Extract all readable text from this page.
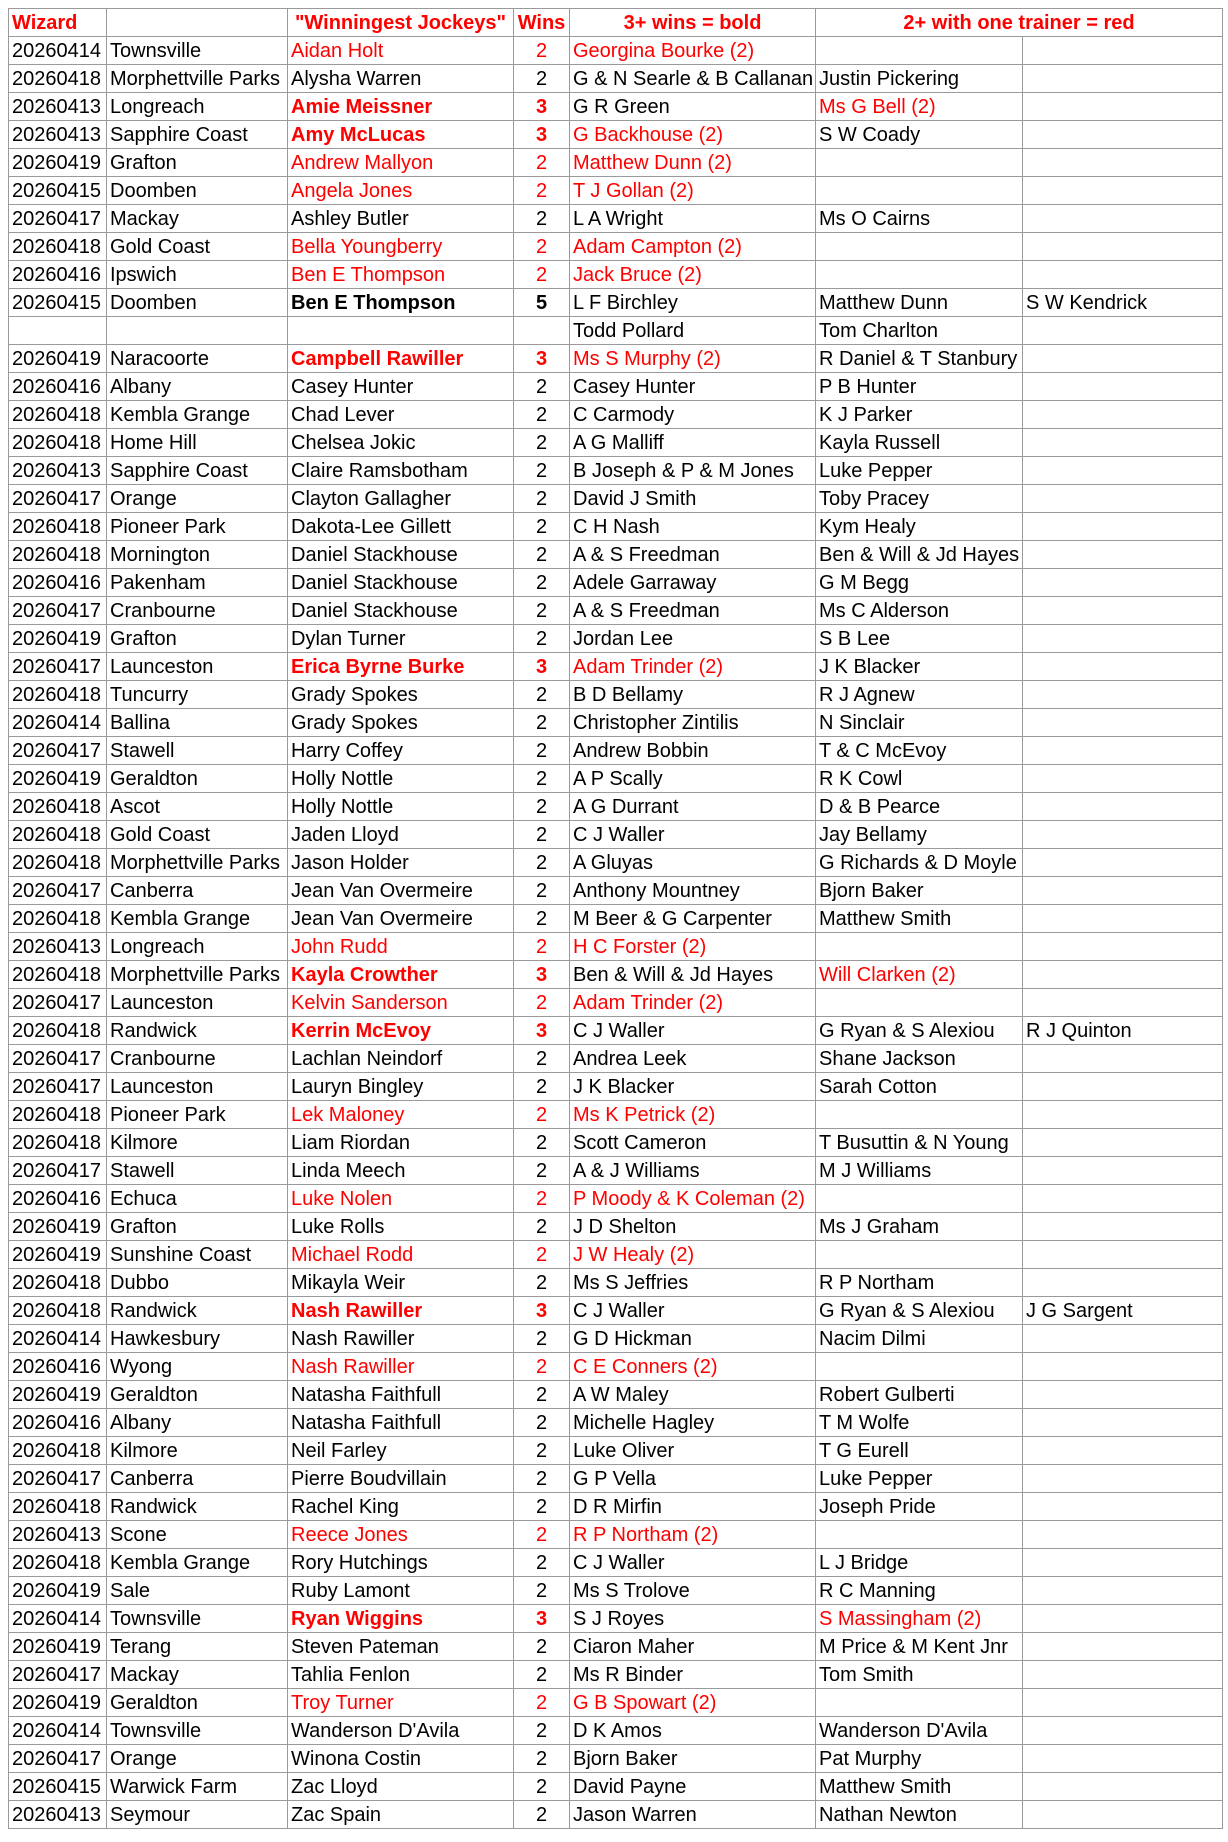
Wizard		"Winningest Jockeys"	Wins	3+ wins = bold	2+ with one trainer = red	
20260414	Townsville	Aidan Holt	2	Georgina Bourke (2)		
20260418	Morphettville Parks	Alysha Warren	2	G & N Searle & B Callanan	Justin Pickering	
20260413	Longreach	Amie Meissner	3	G R Green	Ms G Bell (2)	
20260413	Sapphire Coast	Amy McLucas	3	G Backhouse (2)	S W Coady	
20260419	Grafton	Andrew Mallyon	2	Matthew Dunn (2)		
20260415	Doomben	Angela Jones	2	T J Gollan (2)		
20260417	Mackay	Ashley Butler	2	L A Wright	Ms O Cairns	
20260418	Gold Coast	Bella Youngberry	2	Adam Campton (2)		
20260416	Ipswich	Ben E Thompson	2	Jack Bruce (2)		
20260415	Doomben	Ben E Thompson	5	L F Birchley	Matthew Dunn	S W Kendrick
				Todd Pollard	Tom Charlton	
20260419	Naracoorte	Campbell Rawiller	3	Ms S Murphy (2)	R Daniel & T Stanbury	
20260416	Albany	Casey Hunter	2	Casey Hunter	P B Hunter	
20260418	Kembla Grange	Chad Lever	2	C Carmody	K J Parker	
20260418	Home Hill	Chelsea Jokic	2	A G Malliff	Kayla Russell	
20260413	Sapphire Coast	Claire Ramsbotham	2	B Joseph & P & M Jones	Luke Pepper	
20260417	Orange	Clayton Gallagher	2	David J Smith	Toby Pracey	
20260418	Pioneer Park	Dakota-Lee Gillett	2	C H Nash	Kym Healy	
20260418	Mornington	Daniel Stackhouse	2	A & S Freedman	Ben & Will & Jd Hayes	
20260416	Pakenham	Daniel Stackhouse	2	Adele Garraway	G M Begg	
20260417	Cranbourne	Daniel Stackhouse	2	A & S Freedman	Ms C Alderson	
20260419	Grafton	Dylan Turner	2	Jordan Lee	S B Lee	
20260417	Launceston	Erica Byrne Burke	3	Adam Trinder (2)	J K Blacker	
20260418	Tuncurry	Grady Spokes	2	B D Bellamy	R J Agnew	
20260414	Ballina	Grady Spokes	2	Christopher Zintilis	N Sinclair	
20260417	Stawell	Harry Coffey	2	Andrew Bobbin	T & C McEvoy	
20260419	Geraldton	Holly Nottle	2	A P Scally	R K Cowl	
20260418	Ascot	Holly Nottle	2	A G Durrant	D & B Pearce	
20260418	Gold Coast	Jaden Lloyd	2	C J Waller	Jay Bellamy	
20260418	Morphettville Parks	Jason Holder	2	A Gluyas	G Richards & D Moyle	
20260417	Canberra	Jean Van Overmeire	2	Anthony Mountney	Bjorn Baker	
20260418	Kembla Grange	Jean Van Overmeire	2	M Beer & G Carpenter	Matthew Smith	
20260413	Longreach	John Rudd	2	H C Forster (2)		
20260418	Morphettville Parks	Kayla Crowther	3	Ben & Will & Jd Hayes	Will Clarken (2)	
20260417	Launceston	Kelvin Sanderson	2	Adam Trinder (2)		
20260418	Randwick	Kerrin McEvoy	3	C J Waller	G Ryan & S Alexiou	R J Quinton
20260417	Cranbourne	Lachlan Neindorf	2	Andrea Leek	Shane Jackson	
20260417	Launceston	Lauryn Bingley	2	J K Blacker	Sarah Cotton	
20260418	Pioneer Park	Lek Maloney	2	Ms K Petrick (2)		
20260418	Kilmore	Liam Riordan	2	Scott Cameron	T Busuttin & N Young	
20260417	Stawell	Linda Meech	2	A & J Williams	M J Williams	
20260416	Echuca	Luke Nolen	2	P Moody & K Coleman (2)		
20260419	Grafton	Luke Rolls	2	J D Shelton	Ms J Graham	
20260419	Sunshine Coast	Michael Rodd	2	J W Healy (2)		
20260418	Dubbo	Mikayla Weir	2	Ms S Jeffries	R P Northam	
20260418	Randwick	Nash Rawiller	3	C J Waller	G Ryan & S Alexiou	J G Sargent
20260414	Hawkesbury	Nash Rawiller	2	G D Hickman	Nacim Dilmi	
20260416	Wyong	Nash Rawiller	2	C E Conners (2)		
20260419	Geraldton	Natasha Faithfull	2	A W Maley	Robert Gulberti	
20260416	Albany	Natasha Faithfull	2	Michelle Hagley	T M Wolfe	
20260418	Kilmore	Neil Farley	2	Luke Oliver	T G Eurell	
20260417	Canberra	Pierre Boudvillain	2	G P Vella	Luke Pepper	
20260418	Randwick	Rachel King	2	D R Mirfin	Joseph Pride	
20260413	Scone	Reece Jones	2	R P Northam (2)		
20260418	Kembla Grange	Rory Hutchings	2	C J Waller	L J Bridge	
20260419	Sale	Ruby Lamont	2	Ms S Trolove	R C Manning	
20260414	Townsville	Ryan Wiggins	3	S J Royes	S Massingham (2)	
20260419	Terang	Steven Pateman	2	Ciaron Maher	M Price & M Kent Jnr	
20260417	Mackay	Tahlia Fenlon	2	Ms R Binder	Tom Smith	
20260419	Geraldton	Troy Turner	2	G B Spowart (2)		
20260414	Townsville	Wanderson D'Avila	2	D K Amos	Wanderson D'Avila	
20260417	Orange	Winona Costin	2	Bjorn Baker	Pat Murphy	
20260415	Warwick Farm	Zac Lloyd	2	David Payne	Matthew Smith	
20260413	Seymour	Zac Spain	2	Jason Warren	Nathan Newton	
